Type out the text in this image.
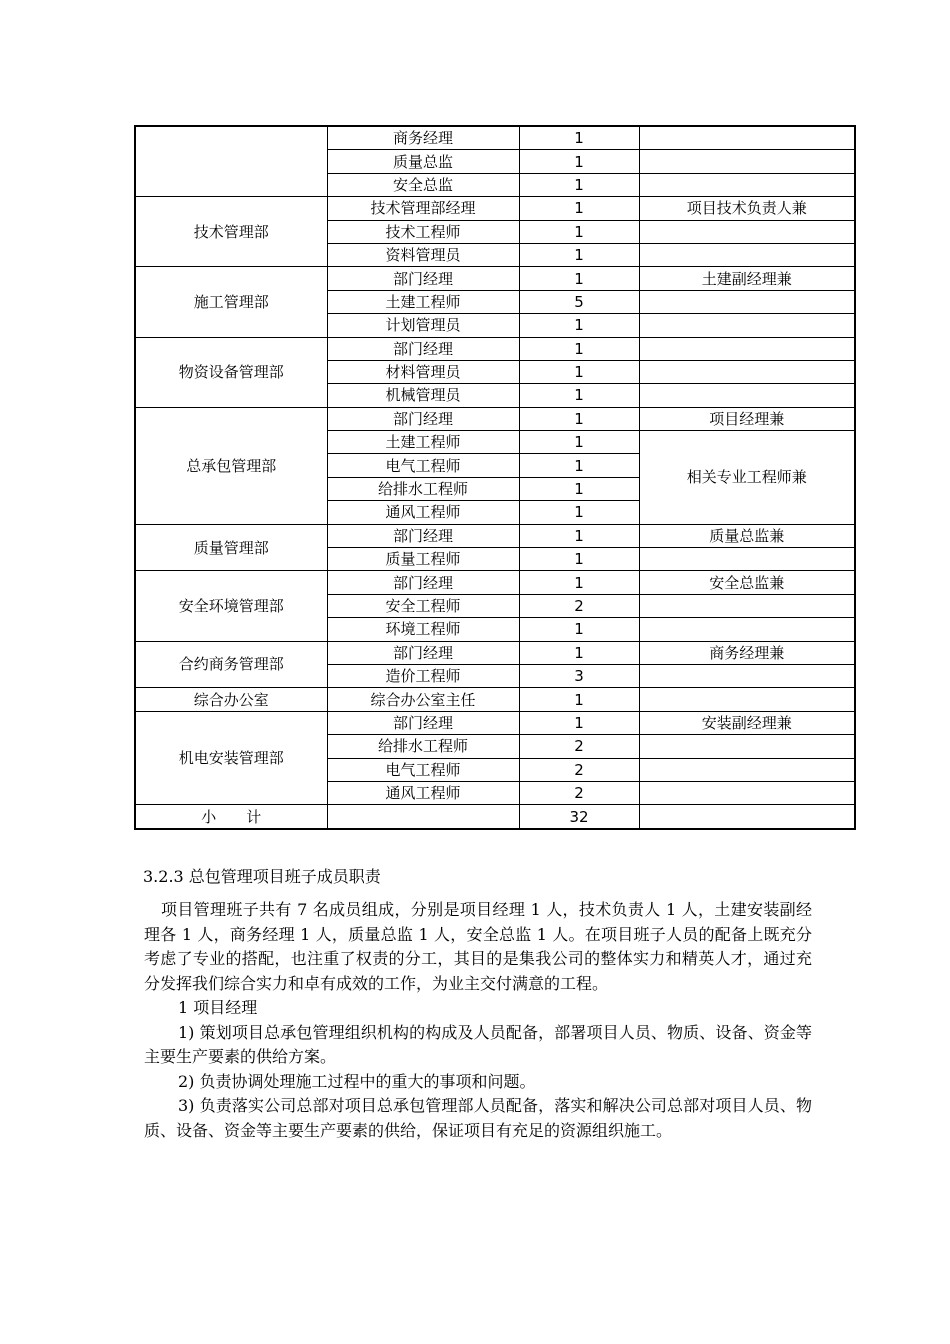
	商务经理	1	
	质量总监	1	
	安全总监	1	
技术管理部	技术管理部经理	1	项目技术负责人兼
	技术工程师	1	
	资料管理员	1	
施工管理部	部门经理	1	土建副经理兼
	土建工程师	5	
	计划管理员	1	
物资设备管理部	部门经理	1	
	材料管理员	1	
	机械管理员	1	
总承包管理部	部门经理	1	项目经理兼
	土建工程师	1	相关专业工程师兼
	电气工程师	1	
	给排水工程师	1	
	通风工程师	1	
质量管理部	部门经理	1	质量总监兼
	质量工程师	1	
安全环境管理部	部门经理	1	安全总监兼
	安全工程师	2	
	环境工程师	1	
合约商务管理部	部门经理	1	商务经理兼
	造价工程师	3	
综合办公室	综合办公室主任	1	
机电安装管理部	部门经理	1	安装副经理兼
	给排水工程师	2	
	电气工程师	2	
	通风工程师	2	
小　　计		32	
3.2.3 总包管理项目班子成员职责

项目管理班子共有 7 名成员组成，分别是项目经理 1 人，技术负责人 1 人，土建安装副经理各 1 人，商务经理 1 人，质量总监 1 人，安全总监 1 人。在项目班子人员的配备上既充分考虑了专业的搭配，也注重了权责的分工，其目的是集我公司的整体实力和精英人才，通过充分发挥我们综合实力和卓有成效的工作，为业主交付满意的工程。

1 项目经理

1) 策划项目总承包管理组织机构的构成及人员配备，部署项目人员、物质、设备、资金等主要生产要素的供给方案。

2) 负责协调处理施工过程中的重大的事项和问题。

3) 负责落实公司总部对项目总承包管理部人员配备，落实和解决公司总部对项目人员、物质、设备、资金等主要生产要素的供给，保证项目有充足的资源组织施工。
